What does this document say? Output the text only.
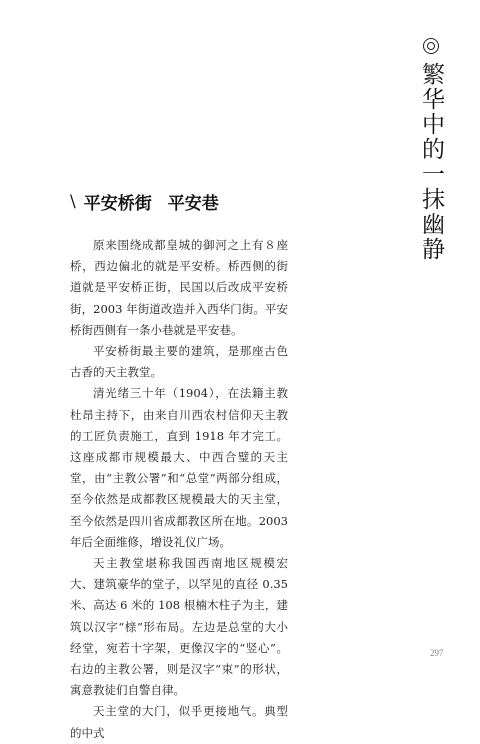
繁华中的一抹幽静
\ 平安桥街 平安巷

原来围绕成都皇城的御河之上有８座桥，西边偏北的就是平安桥。桥西侧的街道就是平安桥正街，民国以后改成平安桥街，2003 年街道改造并入西华门街。平安桥街西侧有一条小巷就是平安巷。

平安桥街最主要的建筑，是那座古色古香的天主教堂。

清光绪三十年（1904），在法籍主教杜昂主持下，由来自川西农村信仰天主教的工匠负责施工，直到 1918 年才完工。这座成都市规模最大、中西合璧的天主堂，由“主教公署”和“总堂”两部分组成，至今依然是成都教区规模最大的天主堂，至今依然是四川省成都教区所在地。2003 年后全面维修，增设礼仪广场。

天主教堂堪称我国西南地区规模宏大、建筑豪华的堂子，以罕见的直径 0.35 米、高达 6 米的 108 根楠木柱子为主，建筑以汉字“榇”形布局。左边是总堂的大小经堂，宛若十字架，更像汉字的“竖心”。右边的主教公署，则是汉字“束”的形状，寓意教徒们自警自律。

天主堂的大门，似乎更接地气。典型的中式

297
